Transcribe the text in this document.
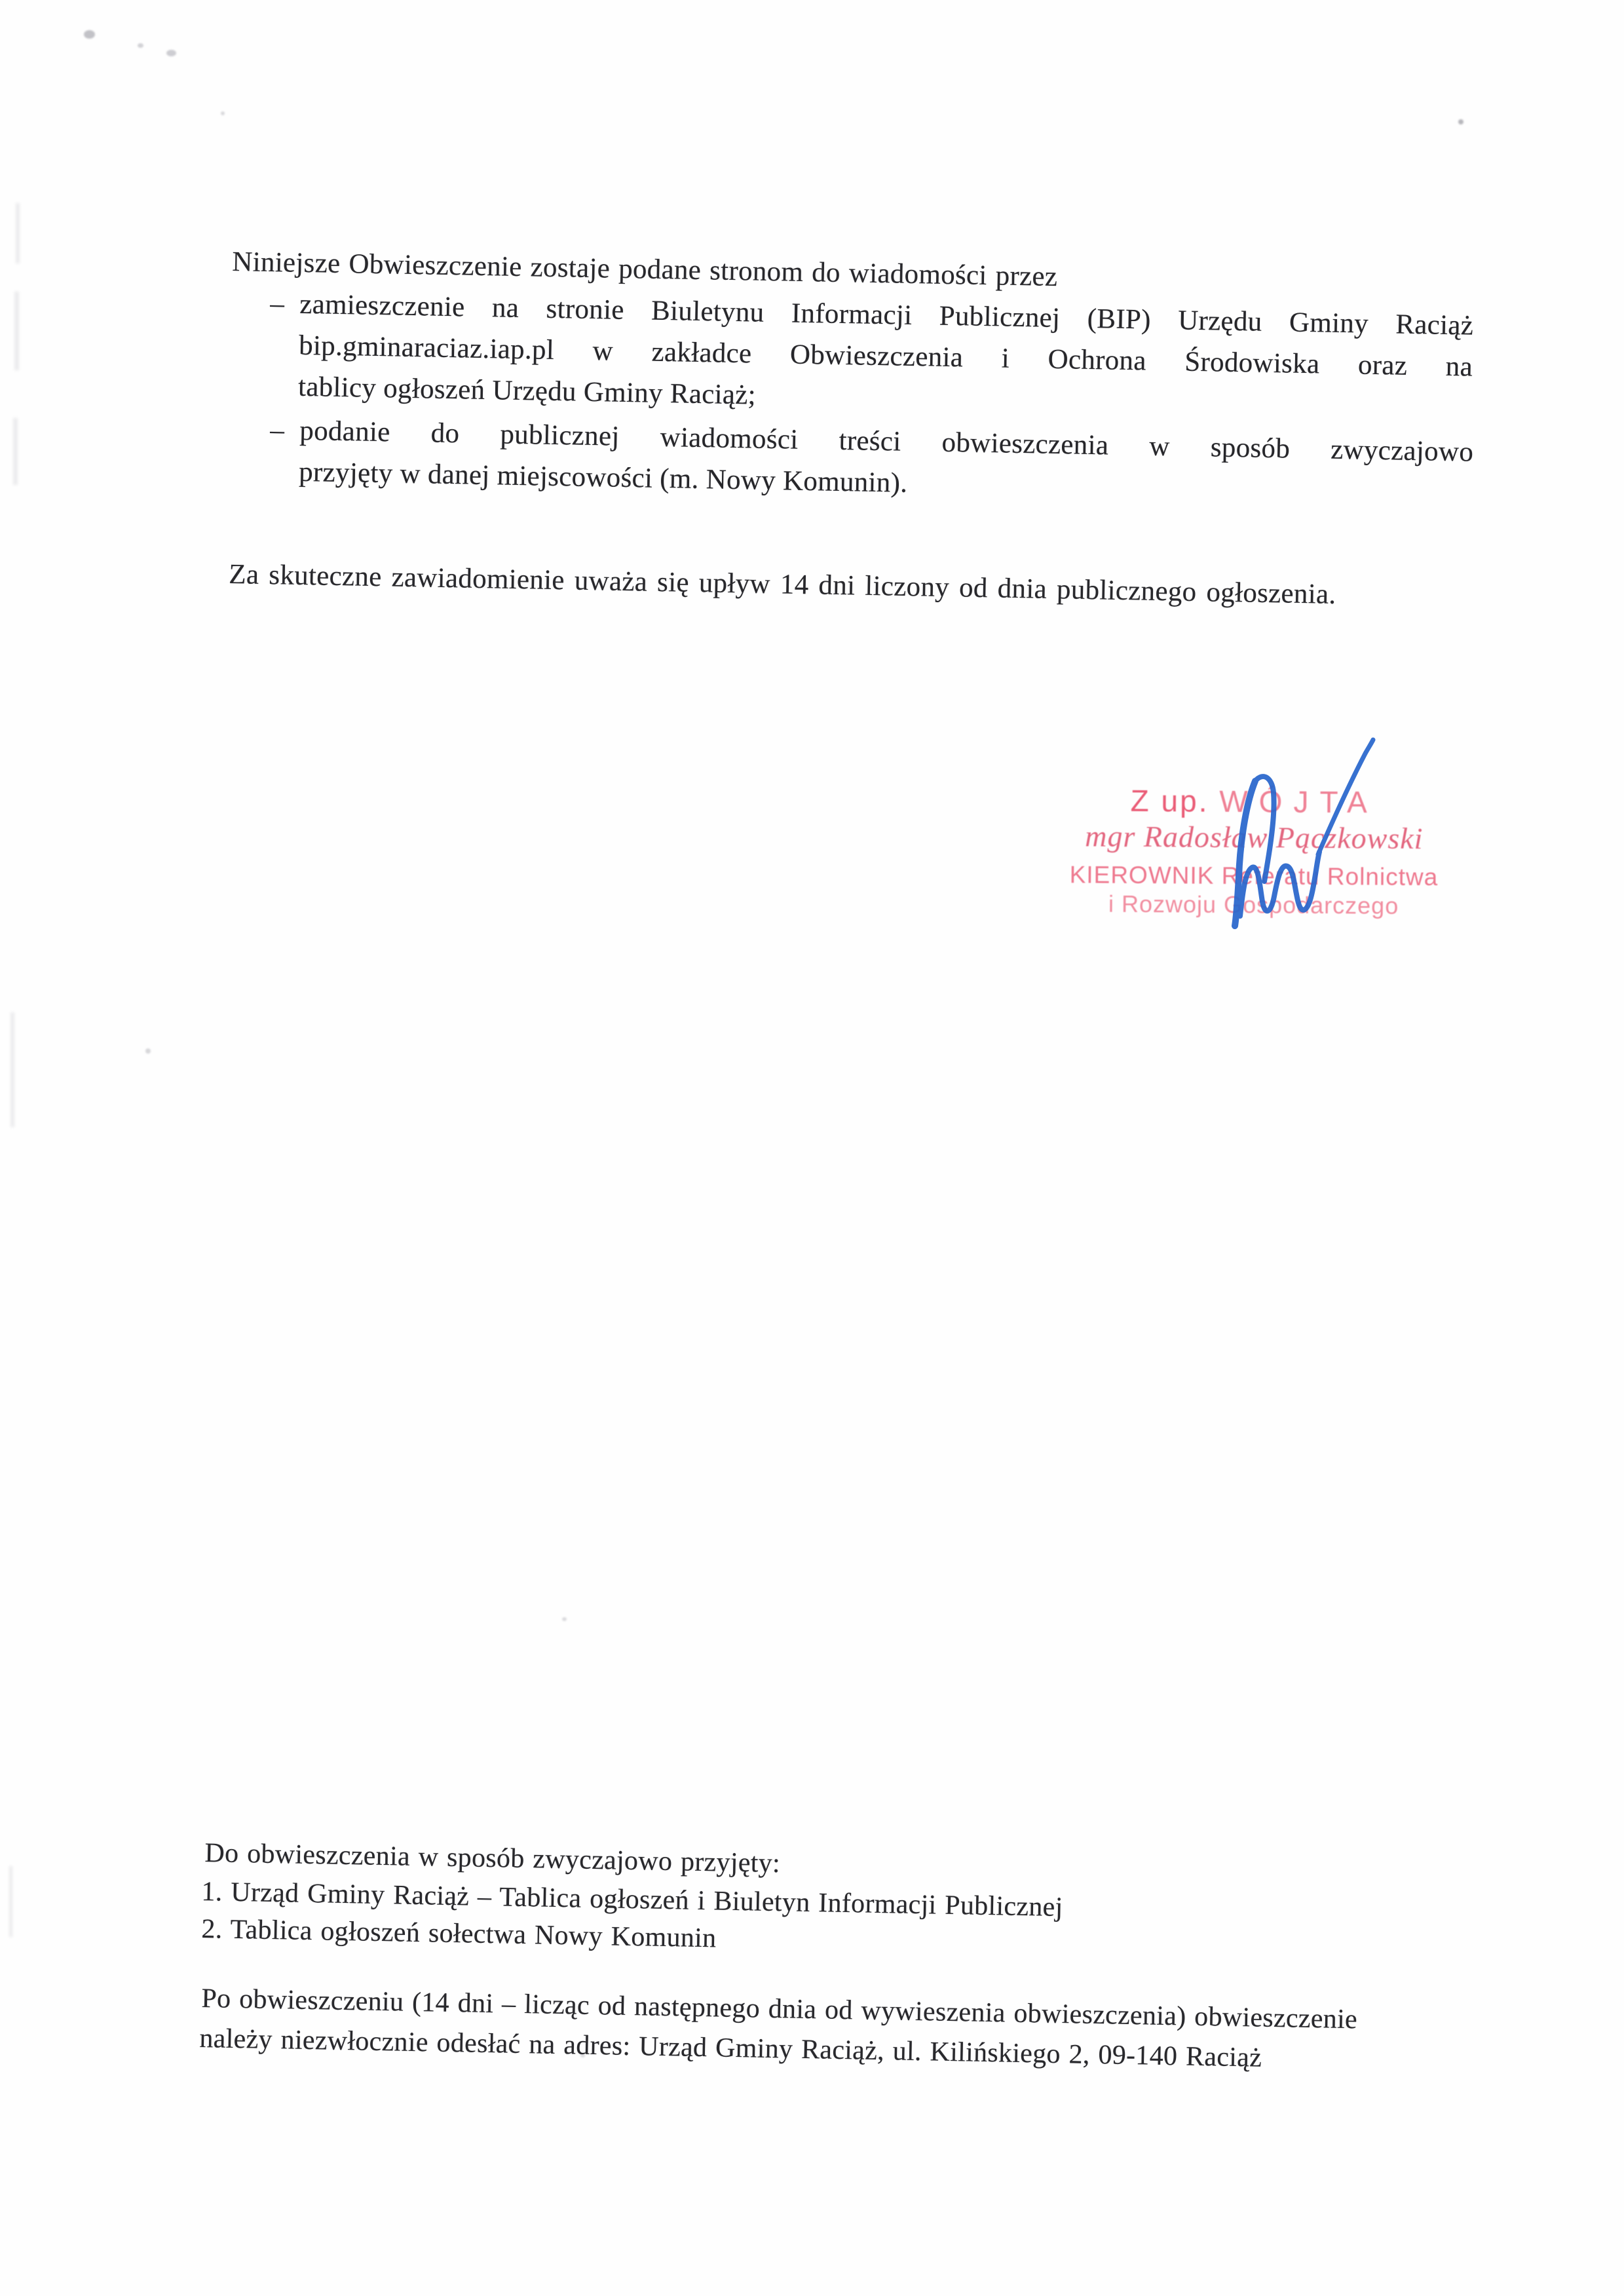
Niniejsze Obwieszczenie zostaje podane stronom do wiadomości przez
– zamieszczenie na stronie Biuletynu Informacji Publicznej (BIP) Urzędu Gminy Raciąż
bip.gminaraciaz.iap.pl w zakładce Obwieszczenia i Ochrona Środowiska oraz na
tablicy ogłoszeń Urzędu Gminy Raciąż;
– podanie do publicznej wiadomości treści obwieszczenia w sposób zwyczajowo
przyjęty w danej miejscowości (m. Nowy Komunin).
Za skuteczne zawiadomienie uważa się upływ 14 dni liczony od dnia publicznego ogłoszenia.
Z up. WÓJTA
mgr Radosław Pączkowski
KIEROWNIK Referatu Rolnictwa
i Rozwoju Gospodarczego
Do obwieszczenia w sposób zwyczajowo przyjęty:
1. Urząd Gminy Raciąż – Tablica ogłoszeń i Biuletyn Informacji Publicznej
2. Tablica ogłoszeń sołectwa Nowy Komunin
Po obwieszczeniu (14 dni – licząc od następnego dnia od wywieszenia obwieszczenia) obwieszczenie
należy niezwłocznie odesłać na adres: Urząd Gminy Raciąż, ul. Kilińskiego 2, 09-140 Raciąż
